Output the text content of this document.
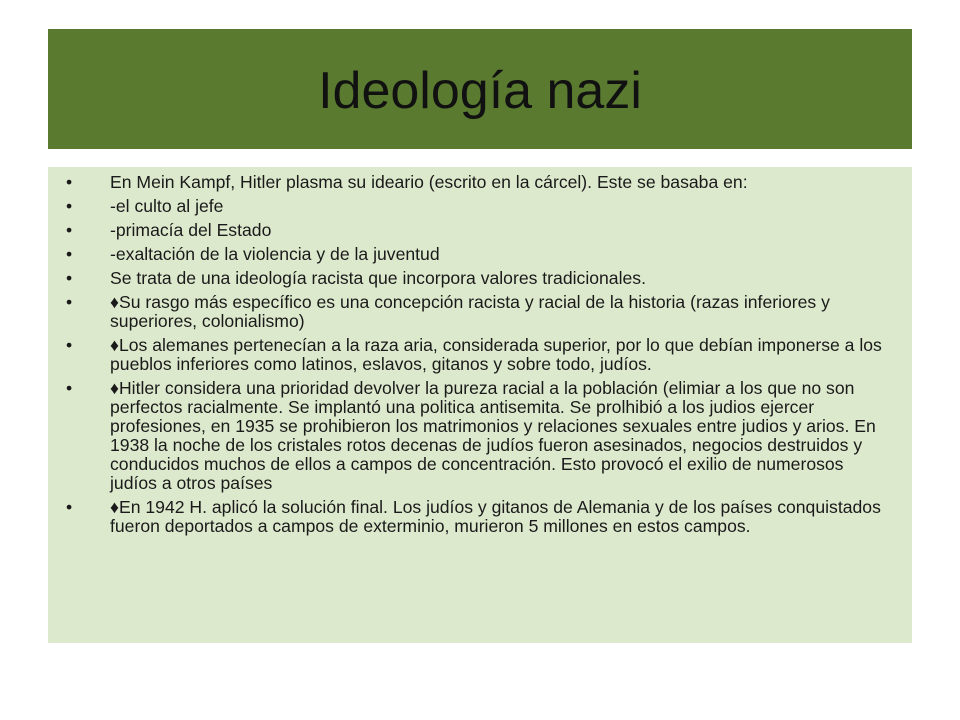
Ideología nazi
•	En Mein Kampf, Hitler plasma su ideario (escrito en la cárcel). Este se basaba en:
•	-el culto al jefe
•	-primacía del Estado
•	-exaltación de la violencia y de la juventud
•	Se trata de una ideología racista que incorpora valores tradicionales.
•	♦Su rasgo más específico es una concepción racista y racial de la historia (razas inferiores y superiores, colonialismo)
•	♦Los alemanes pertenecían a la raza aria, considerada superior, por lo que debían imponerse a los pueblos inferiores como latinos, eslavos, gitanos y sobre todo, judíos.
•	♦Hitler considera una prioridad devolver la pureza racial a la población (elimiar a los que no son perfectos racialmente. Se implantó una politica antisemita. Se prolhibió a los judios ejercer profesiones, en 1935 se prohibieron los matrimonios y relaciones sexuales entre judios y arios. En 1938 la noche de los cristales rotos decenas de judíos fueron asesinados, negocios destruidos y conducidos muchos de ellos a campos de concentración. Esto provocó el exilio de numerosos judíos a otros países
•	♦En 1942 H. aplicó la solución final. Los judíos y gitanos de Alemania y de los países conquistados fueron deportados a campos de exterminio, murieron 5 millones en estos campos.
